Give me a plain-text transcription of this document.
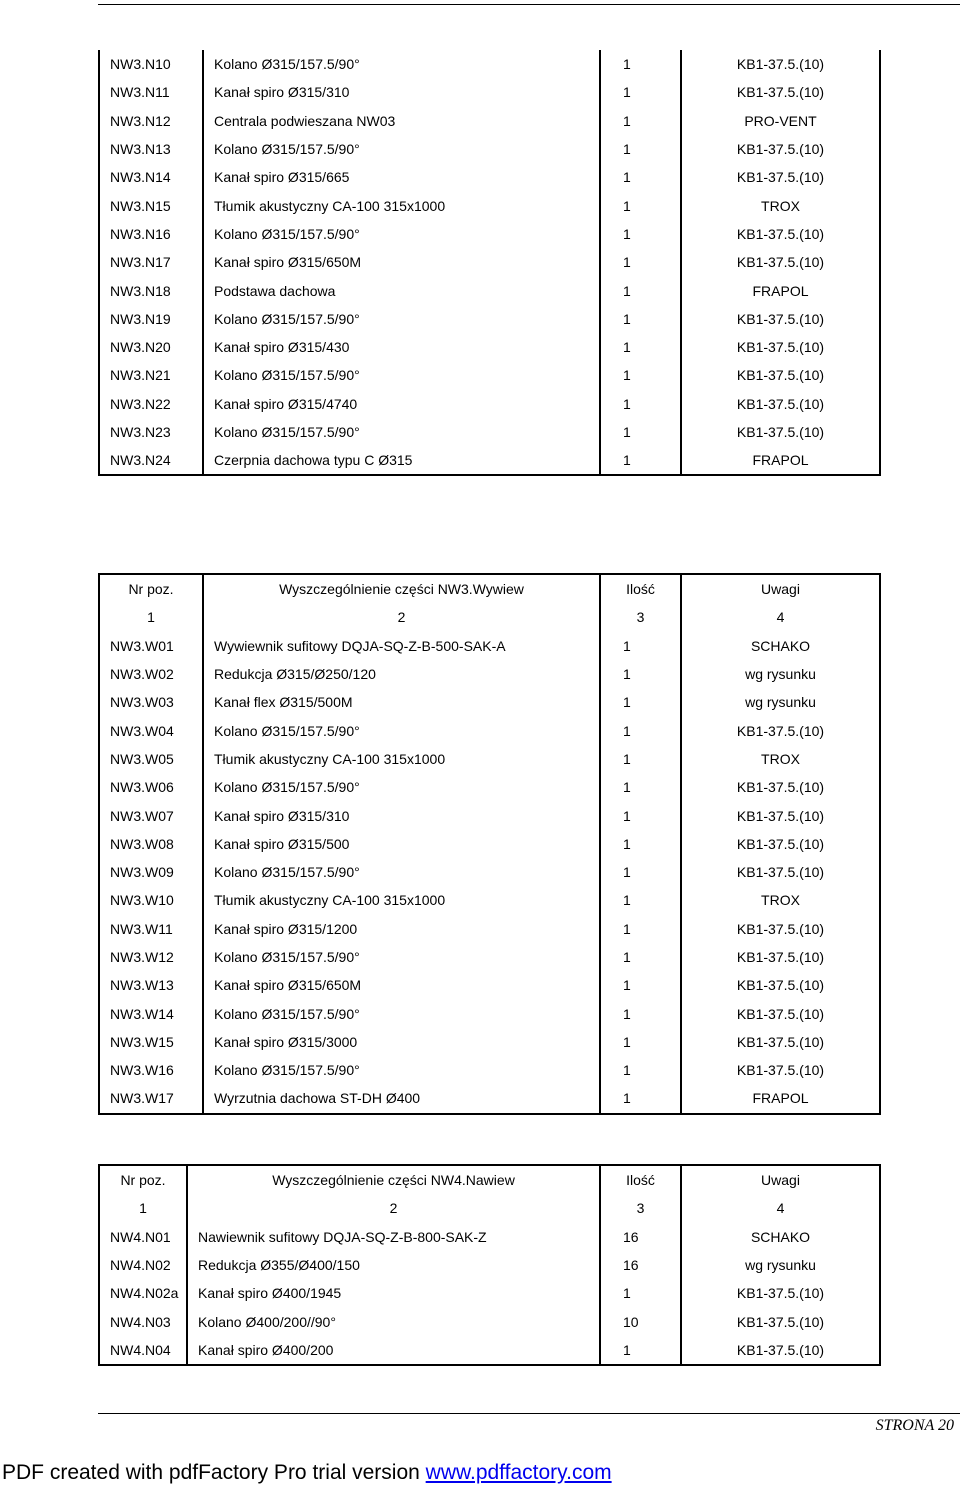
NW3.N10	Kolano Ø315/157.5/90°	1	KB1-37.5.(10)
NW3.N11	Kanał spiro Ø315/310	1	KB1-37.5.(10)
NW3.N12	Centrala podwieszana NW03	1	PRO-VENT
NW3.N13	Kolano Ø315/157.5/90°	1	KB1-37.5.(10)
NW3.N14	Kanał spiro Ø315/665	1	KB1-37.5.(10)
NW3.N15	Tłumik akustyczny CA-100 315x1000	1	TROX
NW3.N16	Kolano Ø315/157.5/90°	1	KB1-37.5.(10)
NW3.N17	Kanał spiro Ø315/650M	1	KB1-37.5.(10)
NW3.N18	Podstawa dachowa	1	FRAPOL
NW3.N19	Kolano Ø315/157.5/90°	1	KB1-37.5.(10)
NW3.N20	Kanał spiro Ø315/430	1	KB1-37.5.(10)
NW3.N21	Kolano Ø315/157.5/90°	1	KB1-37.5.(10)
NW3.N22	Kanał spiro Ø315/4740	1	KB1-37.5.(10)
NW3.N23	Kolano Ø315/157.5/90°	1	KB1-37.5.(10)
NW3.N24	Czerpnia dachowa typu C Ø315	1	FRAPOL
Nr poz.	Wyszczególnienie części NW3.Wywiew	Ilość	Uwagi
1	2	3	4
NW3.W01	Wywiewnik sufitowy DQJA-SQ-Z-B-500-SAK-A	1	SCHAKO
NW3.W02	Redukcja Ø315/Ø250/120	1	wg rysunku
NW3.W03	Kanał flex Ø315/500M	1	wg rysunku
NW3.W04	Kolano Ø315/157.5/90°	1	KB1-37.5.(10)
NW3.W05	Tłumik akustyczny CA-100 315x1000	1	TROX
NW3.W06	Kolano Ø315/157.5/90°	1	KB1-37.5.(10)
NW3.W07	Kanał spiro Ø315/310	1	KB1-37.5.(10)
NW3.W08	Kanał spiro Ø315/500	1	KB1-37.5.(10)
NW3.W09	Kolano Ø315/157.5/90°	1	KB1-37.5.(10)
NW3.W10	Tłumik akustyczny CA-100 315x1000	1	TROX
NW3.W11	Kanał spiro Ø315/1200	1	KB1-37.5.(10)
NW3.W12	Kolano Ø315/157.5/90°	1	KB1-37.5.(10)
NW3.W13	Kanał spiro Ø315/650M	1	KB1-37.5.(10)
NW3.W14	Kolano Ø315/157.5/90°	1	KB1-37.5.(10)
NW3.W15	Kanał spiro Ø315/3000	1	KB1-37.5.(10)
NW3.W16	Kolano Ø315/157.5/90°	1	KB1-37.5.(10)
NW3.W17	Wyrzutnia dachowa ST-DH Ø400	1	FRAPOL
Nr poz.	Wyszczególnienie części NW4.Nawiew	Ilość	Uwagi
1	2	3	4
NW4.N01	Nawiewnik sufitowy DQJA-SQ-Z-B-800-SAK-Z	16	SCHAKO
NW4.N02	Redukcja Ø355/Ø400/150	16	wg rysunku
NW4.N02a	Kanał spiro Ø400/1945	1	KB1-37.5.(10)
NW4.N03	Kolano Ø400/200//90°	10	KB1-37.5.(10)
NW4.N04	Kanał spiro Ø400/200	1	KB1-37.5.(10)
STRONA 20
PDF created with pdfFactory Pro trial version www.pdffactory.com
